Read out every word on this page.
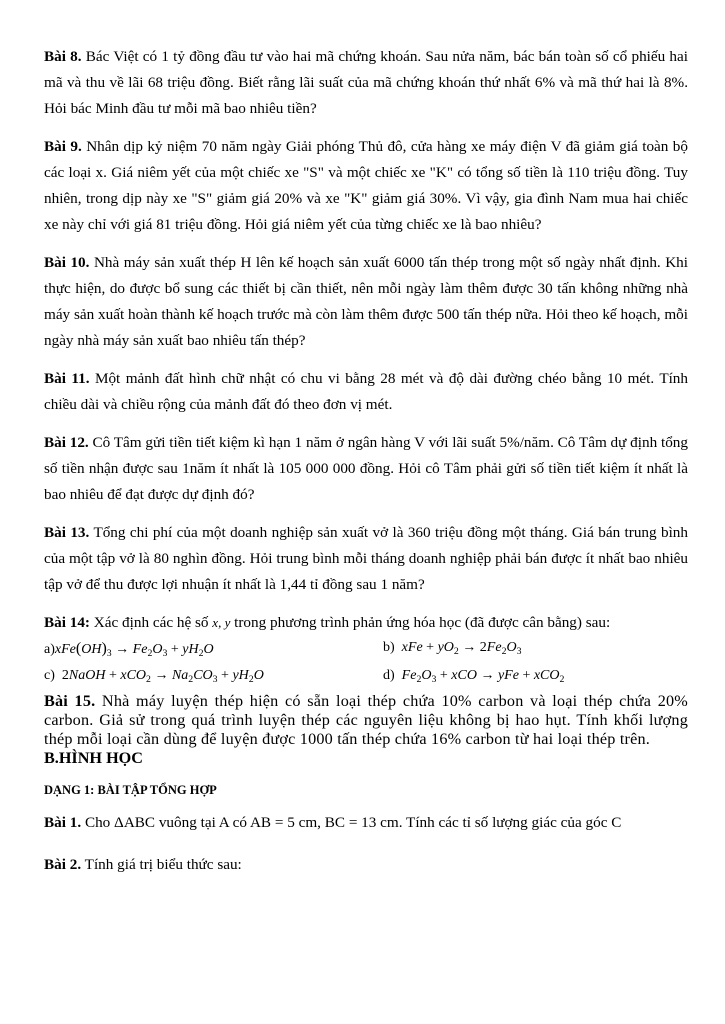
Bài 8. Bác Việt có 1 tỷ đồng đầu tư vào hai mã chứng khoán. Sau nửa năm, bác bán toàn số cổ phiếu hai mã và thu về lãi 68 triệu đồng. Biết rằng lãi suất của mã chứng khoán thứ nhất 6% và mã thứ hai là 8%. Hỏi bác Minh đầu tư mỗi mã bao nhiêu tiền?

Bài 9. Nhân dịp kỷ niệm 70 năm ngày Giải phóng Thủ đô, cửa hàng xe máy điện V đã giảm giá toàn bộ các loại x. Giá niêm yết của một chiếc xe "S" và một chiếc xe "K" có tổng số tiền là 110 triệu đồng. Tuy nhiên, trong dịp này xe "S" giảm giá 20% và xe "K" giảm giá 30%. Vì vậy, gia đình Nam mua hai chiếc xe này chỉ với giá 81 triệu đồng. Hỏi giá niêm yết của từng chiếc xe là bao nhiêu?

Bài 10. Nhà máy sản xuất thép H lên kế hoạch sản xuất 6000 tấn thép trong một số ngày nhất định. Khi thực hiện, do được bổ sung các thiết bị cần thiết, nên mỗi ngày làm thêm được 30 tấn không những nhà máy sản xuất hoàn thành kế hoạch trước mà còn làm thêm được 500 tấn thép nữa. Hỏi theo kế hoạch, mỗi ngày nhà máy sản xuất bao nhiêu tấn thép?

Bài 11. Một mảnh đất hình chữ nhật có chu vi bằng 28 mét và độ dài đường chéo bằng 10 mét. Tính chiều dài và chiều rộng của mảnh đất đó theo đơn vị mét.

Bài 12. Cô Tâm gửi tiền tiết kiệm kì hạn 1 năm ở ngân hàng V với lãi suất 5%/năm. Cô Tâm dự định tổng số tiền nhận được sau 1năm ít nhất là 105 000 000 đồng. Hỏi cô Tâm phải gửi số tiền tiết kiệm ít nhất là bao nhiêu để đạt được dự định đó?

Bài 13. Tổng chi phí của một doanh nghiệp sản xuất vở là 360 triệu đồng một tháng. Giá bán trung bình của một tập vở là 80 nghìn đồng. Hỏi trung bình mỗi tháng doanh nghiệp phải bán được ít nhất bao nhiêu tập vở để thu được lợi nhuận ít nhất là 1,44 tỉ đồng sau 1 năm?

Bài 14: Xác định các hệ số x, y trong phương trình phản ứng hóa học (đã được cân bằng) sau:

$a)xFe(OH)_3 \to Fe_2O_3 + yH_2O$	b) xFe + $yO_2 \to 2Fe_2O_3$
c)  2NaOH + $xCO_2 \to Na_2CO_3 + yH_2O$	d) $Fe_2O_3$ + xCO → yFe + xCO$_2$

Bài 15. Nhà máy luyện thép hiện có sẵn loại thép chứa 10% carbon và loại thép chứa 20% carbon. Giả sử trong quá trình luyện thép các nguyên liệu không bị hao hụt. Tính khối lượng thép mỗi loại cần dùng để luyện được 1000 tấn thép chứa 16% carbon từ hai loại thép trên.

B.HÌNH HỌC

DẠNG 1: BÀI TẬP TỔNG HỢP

Bài 1. Cho ΔABC vuông tại A có AB = 5 cm, BC = 13 cm. Tính các tỉ số lượng giác của góc C

Bài 2. Tính giá trị biểu thức sau:
